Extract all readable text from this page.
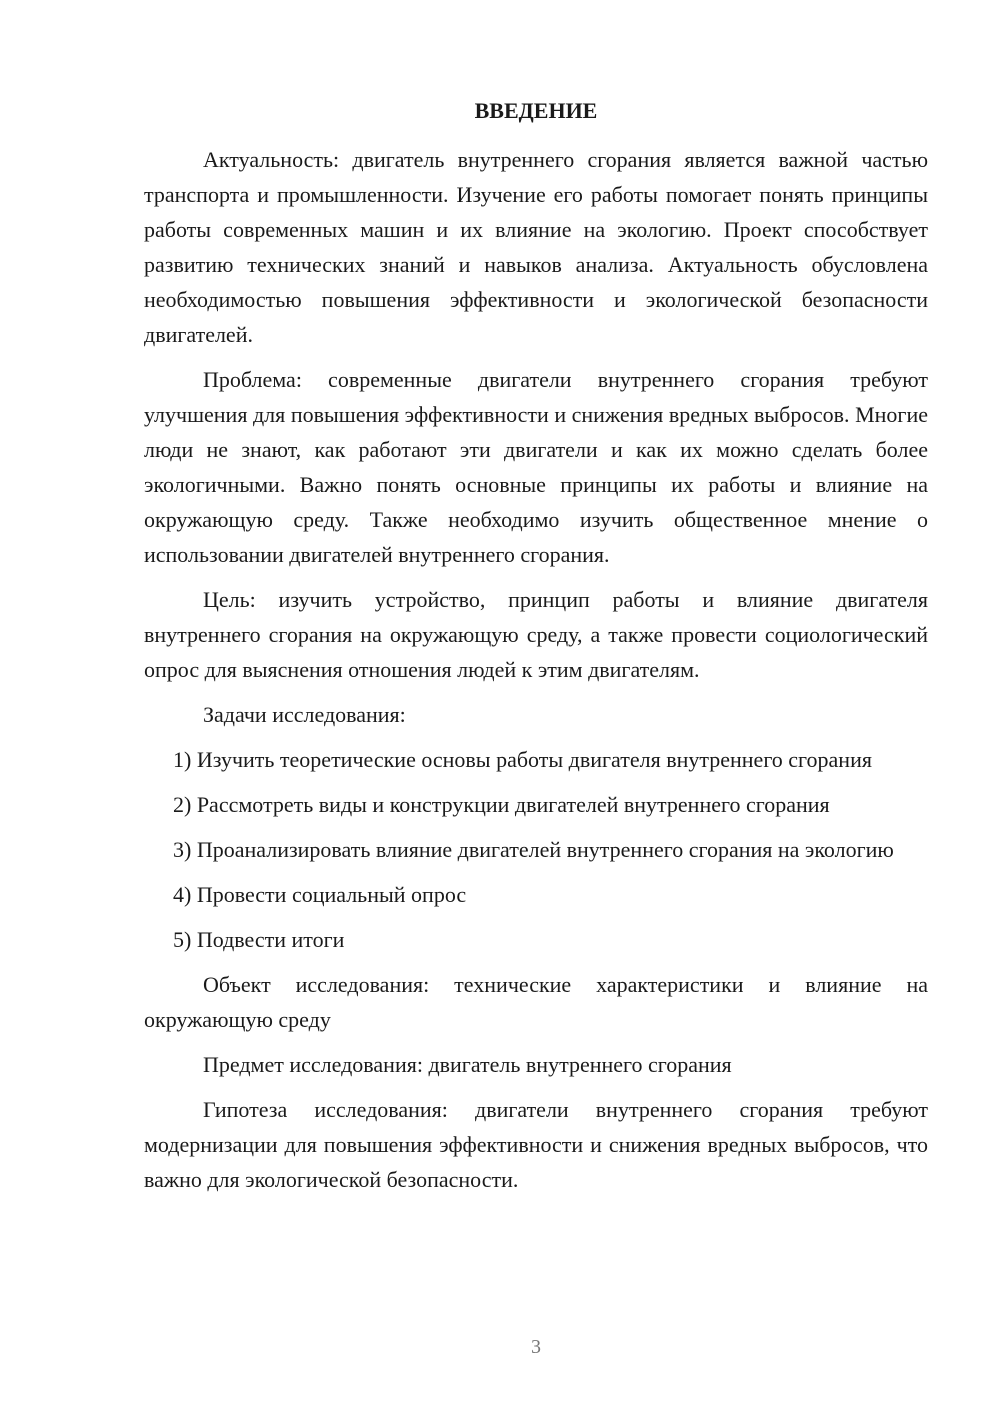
ВВЕДЕНИЕ

Актуальность: двигатель внутреннего сгорания является важной частью транспорта и промышленности. Изучение его работы помогает понять принципы работы современных машин и их влияние на экологию. Проект способствует развитию технических знаний и навыков анализа. Актуальность обусловлена необходимостью повышения эффективности и экологической безопасности двигателей.

Проблема: современные двигатели внутреннего сгорания требуют улучшения для повышения эффективности и снижения вредных выбросов. Многие люди не знают, как работают эти двигатели и как их можно сделать более экологичными. Важно понять основные принципы их работы и влияние на окружающую среду. Также необходимо изучить общественное мнение о использовании двигателей внутреннего сгорания.

Цель: изучить устройство, принцип работы и влияние двигателя внутреннего сгорания на окружающую среду, а также провести социологический опрос для выяснения отношения людей к этим двигателям.

Задачи исследования:

1) Изучить теоретические основы работы двигателя внутреннего сгорания

2) Рассмотреть виды и конструкции двигателей внутреннего сгорания

3) Проанализировать влияние двигателей внутреннего сгорания на экологию

4) Провести социальный опрос

5) Подвести итоги

Объект исследования: технические характеристики и влияние на окружающую среду

Предмет исследования: двигатель внутреннего сгорания

Гипотеза исследования: двигатели внутреннего сгорания требуют модернизации для повышения эффективности и снижения вредных выбросов, что важно для экологической безопасности.

3
